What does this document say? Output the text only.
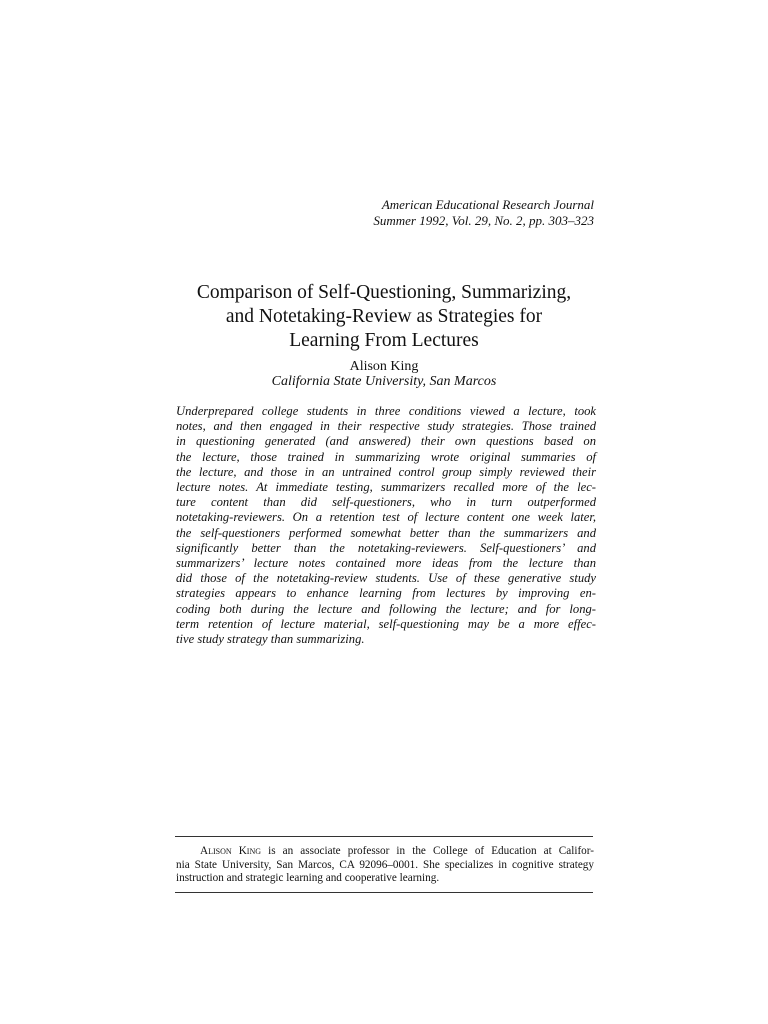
American Educational Research Journal
Summer 1992, Vol. 29, No. 2, pp. 303–323
Comparison of Self-Questioning, Summarizing,
and Notetaking-Review as Strategies for
Learning From Lectures
Alison King
California State University, San Marcos
Underprepared college students in three conditions viewed a lecture, took
notes, and then engaged in their respective study strategies. Those trained
in questioning generated (and answered) their own questions based on
the lecture, those trained in summarizing wrote original summaries of
the lecture, and those in an untrained control group simply reviewed their
lecture notes. At immediate testing, summarizers recalled more of the lec-
ture content than did self-questioners, who in turn outperformed
notetaking-reviewers. On a retention test of lecture content one week later,
the self-questioners performed somewhat better than the summarizers and
significantly better than the notetaking-reviewers. Self-questioners’ and
summarizers’ lecture notes contained more ideas from the lecture than
did those of the notetaking-review students. Use of these generative study
strategies appears to enhance learning from lectures by improving en-
coding both during the lecture and following the lecture; and for long-
term retention of lecture material, self-questioning may be a more effec-
tive study strategy than summarizing.
Alison King is an associate professor in the College of Education at Califor-
nia State University, San Marcos, CA 92096–0001. She specializes in cognitive strategy
instruction and strategic learning and cooperative learning.
